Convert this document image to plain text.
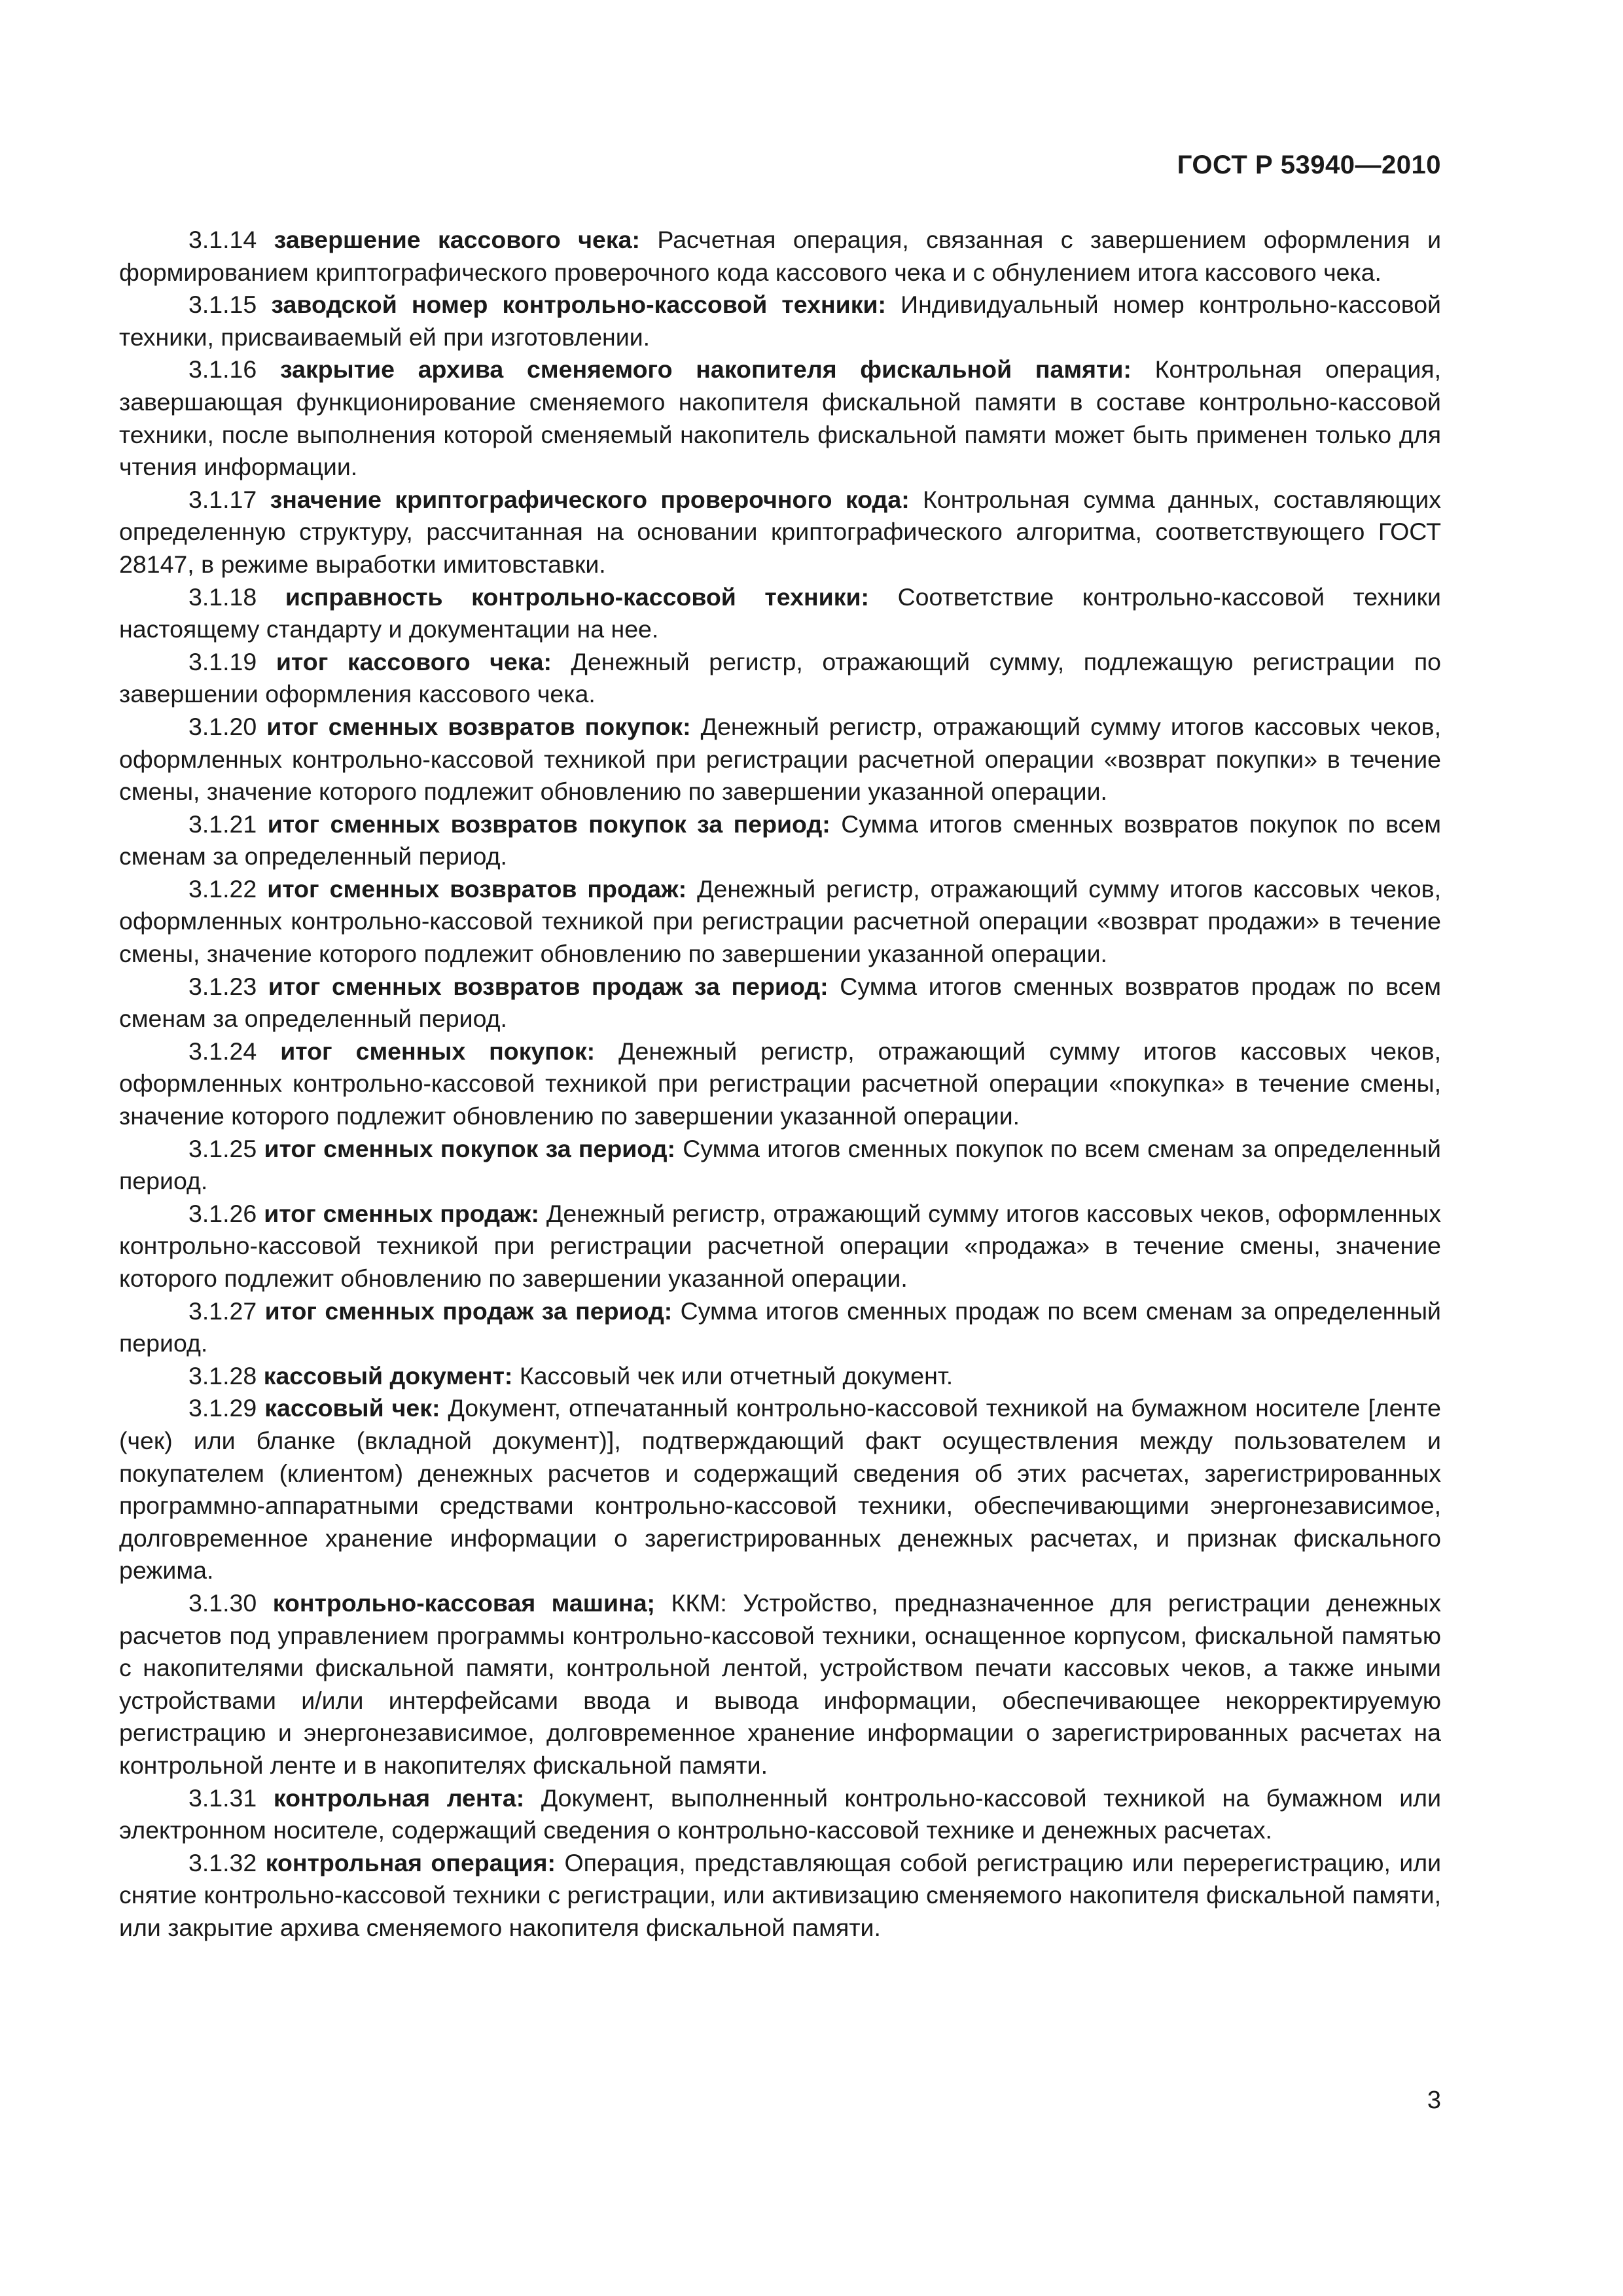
ГОСТ Р 53940—2010

3.1.14 завершение кассового чека: Расчетная операция, связанная с завершением оформления и формированием криптографического проверочного кода кассового чека и с обнулением итога кассового чека.

3.1.15 заводской номер контрольно-кассовой техники: Индивидуальный номер контрольно-кассовой техники, присваиваемый ей при изготовлении.

3.1.16 закрытие архива сменяемого накопителя фискальной памяти: Контрольная операция, завершающая функционирование сменяемого накопителя фискальной памяти в составе контрольно-кассовой техники, после выполнения которой сменяемый накопитель фискальной памяти может быть применен только для чтения информации.

3.1.17 значение криптографического проверочного кода: Контрольная сумма данных, составляющих определенную структуру, рассчитанная на основании криптографического алгоритма, соответствующего ГОСТ 28147, в режиме выработки имитовставки.

3.1.18 исправность контрольно-кассовой техники: Соответствие контрольно-кассовой техники настоящему стандарту и документации на нее.

3.1.19 итог кассового чека: Денежный регистр, отражающий сумму, подлежащую регистрации по завершении оформления кассового чека.

3.1.20 итог сменных возвратов покупок: Денежный регистр, отражающий сумму итогов кассовых чеков, оформленных контрольно-кассовой техникой при регистрации расчетной операции «возврат покупки» в течение смены, значение которого подлежит обновлению по завершении указанной операции.

3.1.21 итог сменных возвратов покупок за период: Сумма итогов сменных возвратов покупок по всем сменам за определенный период.

3.1.22 итог сменных возвратов продаж: Денежный регистр, отражающий сумму итогов кассовых чеков, оформленных контрольно-кассовой техникой при регистрации расчетной операции «возврат продажи» в течение смены, значение которого подлежит обновлению по завершении указанной операции.

3.1.23 итог сменных возвратов продаж за период: Сумма итогов сменных возвратов продаж по всем сменам за определенный период.

3.1.24 итог сменных покупок: Денежный регистр, отражающий сумму итогов кассовых чеков, оформленных контрольно-кассовой техникой при регистрации расчетной операции «покупка» в течение смены, значение которого подлежит обновлению по завершении указанной операции.

3.1.25 итог сменных покупок за период: Сумма итогов сменных покупок по всем сменам за определенный период.

3.1.26 итог сменных продаж: Денежный регистр, отражающий сумму итогов кассовых чеков, оформленных контрольно-кассовой техникой при регистрации расчетной операции «продажа» в течение смены, значение которого подлежит обновлению по завершении указанной операции.

3.1.27 итог сменных продаж за период: Сумма итогов сменных продаж по всем сменам за определенный период.

3.1.28 кассовый документ: Кассовый чек или отчетный документ.

3.1.29 кассовый чек: Документ, отпечатанный контрольно-кассовой техникой на бумажном носителе [ленте (чек) или бланке (вкладной документ)], подтверждающий факт осуществления между пользователем и покупателем (клиентом) денежных расчетов и содержащий сведения об этих расчетах, зарегистрированных программно-аппаратными средствами контрольно-кассовой техники, обеспечивающими энергонезависимое, долговременное хранение информации о зарегистрированных денежных расчетах, и признак фискального режима.

3.1.30 контрольно-кассовая машина; ККМ: Устройство, предназначенное для регистрации денежных расчетов под управлением программы контрольно-кассовой техники, оснащенное корпусом, фискальной памятью с накопителями фискальной памяти, контрольной лентой, устройством печати кассовых чеков, а также иными устройствами и/или интерфейсами ввода и вывода информации, обеспечивающее некорректируемую регистрацию и энергонезависимое, долговременное хранение информации о зарегистрированных расчетах на контрольной ленте и в накопителях фискальной памяти.

3.1.31 контрольная лента: Документ, выполненный контрольно-кассовой техникой на бумажном или электронном носителе, содержащий сведения о контрольно-кассовой технике и денежных расчетах.

3.1.32 контрольная операция: Операция, представляющая собой регистрацию или перерегистрацию, или снятие контрольно-кассовой техники с регистрации, или активизацию сменяемого накопителя фискальной памяти, или закрытие архива сменяемого накопителя фискальной памяти.

3
